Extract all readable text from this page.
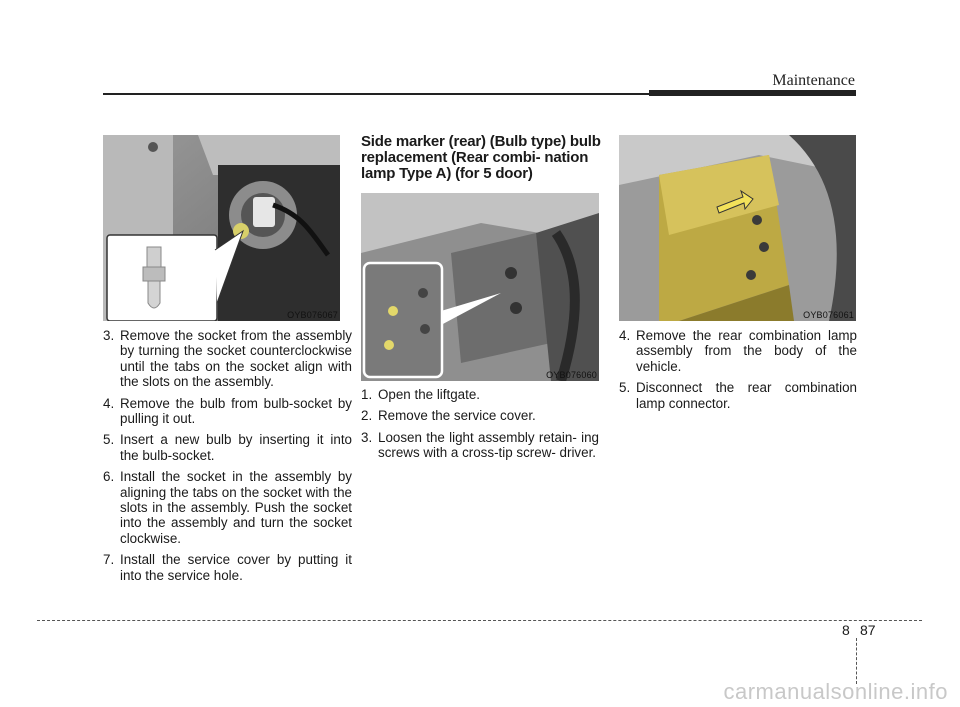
Maintenance
OYB076067
OYB076060
OYB076061
3. Remove the socket from the assembly by turning the socket counterclockwise until the tabs on the socket align with the slots on the assembly.
4. Remove the bulb from bulb-socket by pulling it out.
5. Insert a new bulb by inserting it into the bulb-socket.
6. Install the socket in the assembly by aligning the tabs on the socket with the slots in the assembly. Push the socket into the assembly and turn the socket clockwise.
7. Install the service cover by putting it into the service hole.
Side marker (rear) (Bulb type) bulb replacement (Rear combi- nation lamp Type A) (for 5 door)
1. Open the liftgate.
2. Remove the service cover.
3. Loosen the light assembly retain- ing screws with a cross-tip screw- driver.
4. Remove the rear combination lamp assembly from the body of the vehicle.
5. Disconnect the rear combination lamp connector.
8 87
carmanualsonline.info
